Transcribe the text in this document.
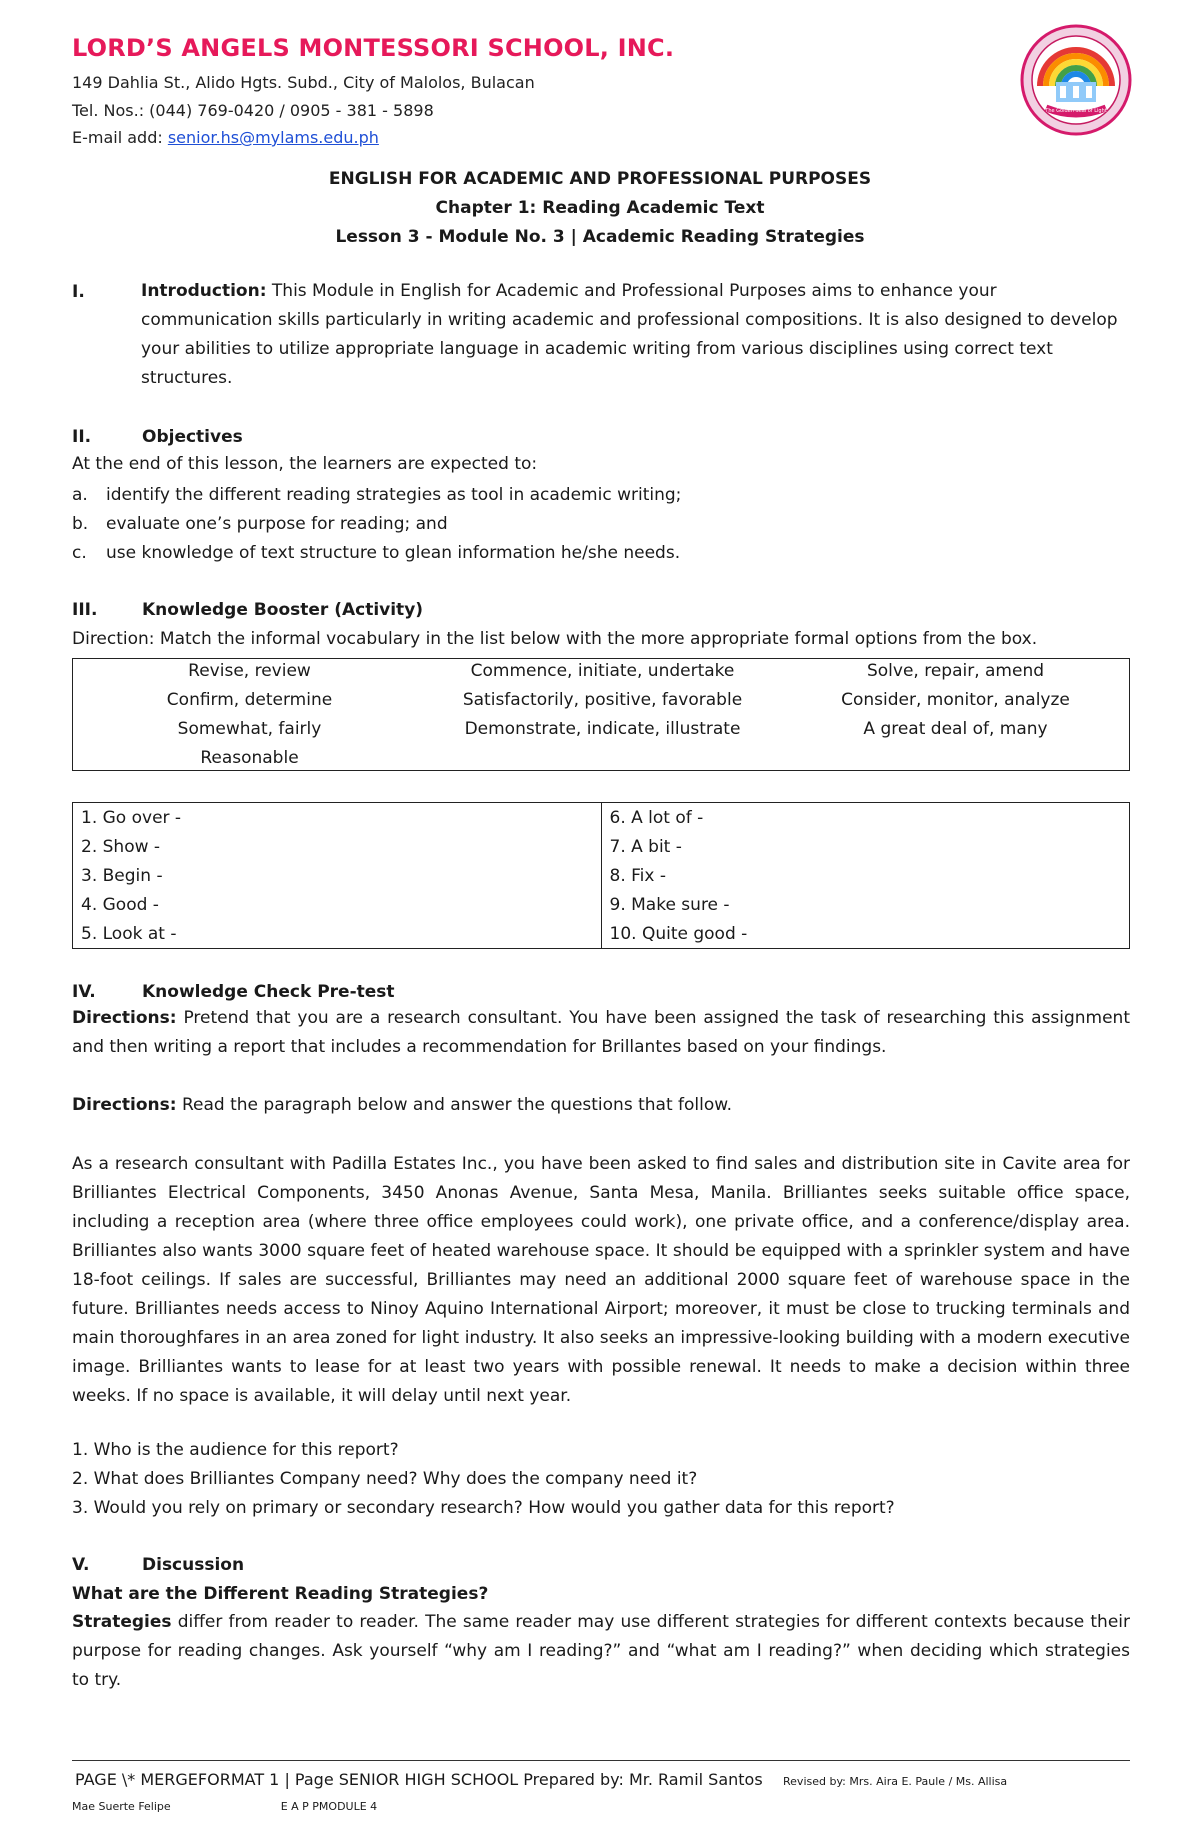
LORD’S ANGELS MONTESSORI SCHOOL, INC.
149 Dahlia St., Alido Hgts. Subd., City of Malolos, Bulacan
Tel. Nos.: (044) 769-0420 / 0905 - 381 - 5898
E-mail add: senior.hs@mylams.edu.ph
The Golden Seal of Light
ENGLISH FOR ACADEMIC AND PROFESSIONAL PURPOSES
Chapter 1: Reading Academic Text
Lesson 3 - Module No. 3 | Academic Reading Strategies
I.	Introduction: This Module in English for Academic and Professional Purposes aims to enhance your communication skills particularly in writing academic and professional compositions. It is also designed to develop your abilities to utilize appropriate language in academic writing from various disciplines using correct text structures.
II.	Objectives
At the end of this lesson, the learners are expected to:
a. identify the different reading strategies as tool in academic writing;
b. evaluate one’s purpose for reading; and
c. use knowledge of text structure to glean information he/she needs.
III.	Knowledge Booster (Activity)
Direction: Match the informal vocabulary in the list below with the more appropriate formal options from the box.
Revise, review	Commence, initiate, undertake	Solve, repair, amend
Confirm, determine	Satisfactorily, positive, favorable	Consider, monitor, analyze
Somewhat, fairly	Demonstrate, indicate, illustrate	A great deal of, many
Reasonable
1. Go over -	6. A lot of -
2. Show -	7. A bit -
3. Begin -	8. Fix -
4. Good -	9. Make sure -
5. Look at -	10. Quite good -
IV.	Knowledge Check Pre-test
Directions: Pretend that you are a research consultant. You have been assigned the task of researching this assignment and then writing a report that includes a recommendation for Brillantes based on your findings.
Directions: Read the paragraph below and answer the questions that follow.
As a research consultant with Padilla Estates Inc., you have been asked to find sales and distribution site in Cavite area for Brilliantes Electrical Components, 3450 Anonas Avenue, Santa Mesa, Manila. Brilliantes seeks suitable office space, including a reception area (where three office employees could work), one private office, and a conference/display area. Brilliantes also wants 3000 square feet of heated warehouse space. It should be equipped with a sprinkler system and have 18-foot ceilings. If sales are successful, Brilliantes may need an additional 2000 square feet of warehouse space in the future. Brilliantes needs access to Ninoy Aquino International Airport; moreover, it must be close to trucking terminals and main thoroughfares in an area zoned for light industry. It also seeks an impressive-looking building with a modern executive image. Brilliantes wants to lease for at least two years with possible renewal. It needs to make a decision within three weeks. If no space is available, it will delay until next year.
1. Who is the audience for this report?
2. What does Brilliantes Company need? Why does the company need it?
3. Would you rely on primary or secondary research? How would you gather data for this report?
V.	Discussion
What are the Different Reading Strategies?
Strategies differ from reader to reader. The same reader may use different strategies for different contexts because their purpose for reading changes. Ask yourself “why am I reading?” and “what am I reading?” when deciding which strategies to try.
PAGE \* MERGEFORMAT 1 | Page SENIOR HIGH SCHOOL Prepared by: Mr. Ramil Santos Revised by: Mrs. Aira E. Paule / Ms. Allisa
Mae Suerte Felipe	E A P PMODULE 4
